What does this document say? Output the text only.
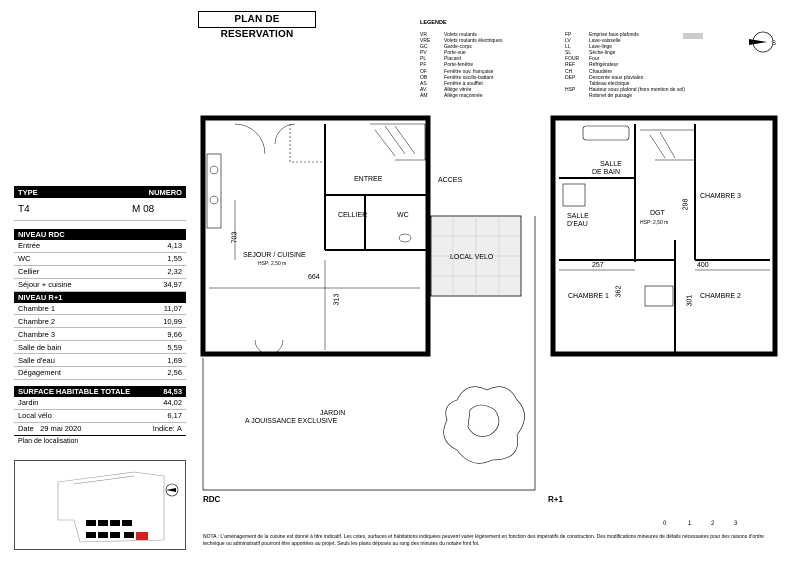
PLAN DE RESERVATION
LEGENDE
VR	Volets roulants
VRE	Volets roulants électriques
GC	Garde-corps
PV	Porte-vue
PL	Placard
PF	Porte-fenêtre
OF	Fenêtre ouv. française
OB	Fenêtre oscillo-battant
AS	Fenêtre à soufflet
AV	Allège vitrée
AM	Allège maçonnée
FP	Emprise faux-plafonds
LV	Lave-vaisselle
LL	Lave-linge
SL	Sèche-linge
FOUR	Four
REF	Réfrigérateur
CH	Chaudière
DEP	Descente eaux pluviales
Tableau électrique
HSP	Hauteur sous plafond (hors mention de sol)
Robinet de puisage
S
TYPE	NUMERO
T4	M 08
NIVEAU RDC
Entrée	4,13
WC	1,55
Cellier	2,32
Séjour + cuisine	34,97
NIVEAU R+1
Chambre 1	11,07
Chambre 2	10,99
Chambre 3	9,66
Salle de bain	5,59
Salle d'eau	1,69
Dégagement	2,56
SURFACE HABITABLE TOTALE	84,53
Jardin	44,02
Local vélo	6,17
Date 29 mai 2020	Indice: A
Plan de localisation
SEJOUR / CUISINE
HSP: 2,50 m
ENTREE	ACCES
CELLIER	WC
LOCAL VELO
JARDIN
A JOUISSANCE EXCLUSIVE
664
313
703
RDC
SALLE
DE BAIN
SALLE
D'EAU
DGT
HSP: 2,50 m
CHAMBRE 1	CHAMBRE 2
CHAMBRE 3
257	400
298
362
301
R+1
0	1	2	3
NOTA : L'aménagement de la cuisine est donné à titre indicatif. Les cotes, surfaces et habitations indiquées peuvent varier légèrement en fonction des impératifs de construction. Des modifications mineures de détails nécessaires pour des raisons d'ordre technique ou administratif pourront être apportées au projet. Seuls les plans déposés au rang des minutes du notaire font foi.
